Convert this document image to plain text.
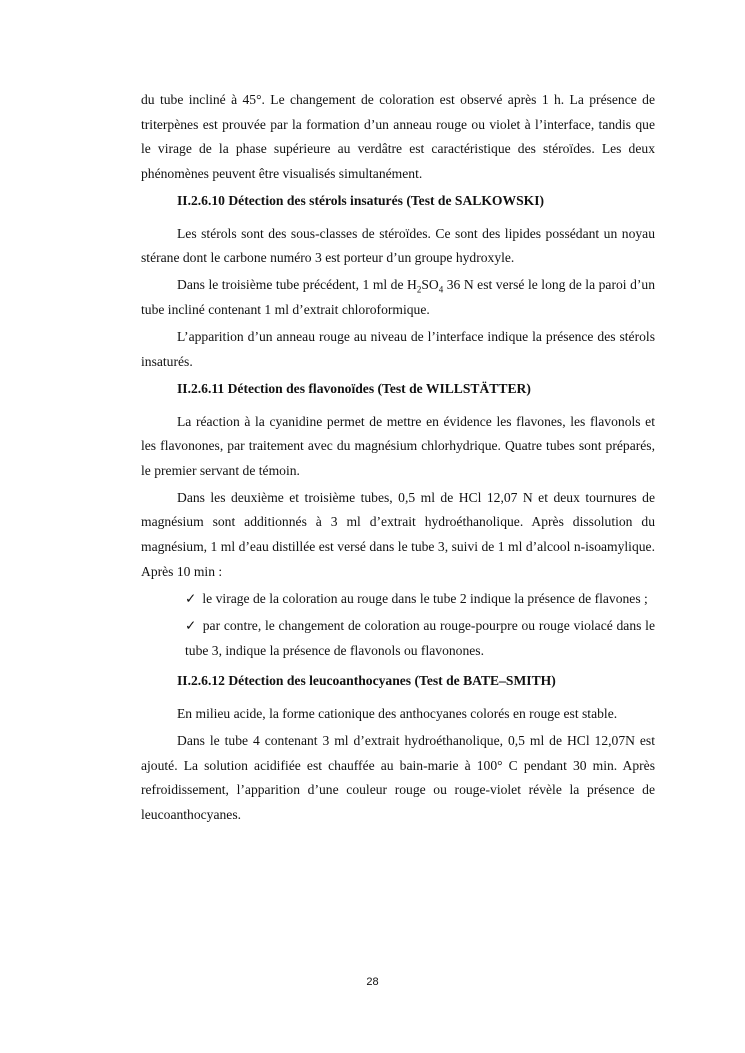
du tube incliné à 45°. Le changement de coloration est observé après 1 h. La présence de triterpènes est prouvée par la formation d’un anneau rouge ou violet à l’interface, tandis que le virage de la phase supérieure au verdâtre est caractéristique des stéroïdes. Les deux phénomènes peuvent être visualisés simultanément.

II.2.6.10 Détection des stérols insaturés (Test de SALKOWSKI)

Les stérols sont des sous-classes de stéroïdes. Ce sont des lipides possédant un noyau stérane dont le carbone numéro 3 est porteur d’un groupe hydroxyle.

Dans le troisième tube précédent, 1 ml de $H_2SO_4$ 36 N est versé le long de la paroi d’un tube incliné contenant 1 ml d’extrait chloroformique.

L’apparition d’un anneau rouge au niveau de l’interface indique la présence des stérols insaturés.

II.2.6.11 Détection des flavonoïdes (Test de WILLSTÄTTER)

La réaction à la cyanidine permet de mettre en évidence les flavones, les flavonols et les flavonones, par traitement avec du magnésium chlorhydrique. Quatre tubes sont préparés, le premier servant de témoin.

Dans les deuxième et troisième tubes, 0,5 ml de HCl 12,07 N et deux tournures de magnésium sont additionnés à 3 ml d’extrait hydroéthanolique. Après dissolution du magnésium, 1 ml d’eau distillée est versé dans le tube 3, suivi de 1 ml d’alcool n-isoamylique. Après 10 min :

✓ le virage de la coloration au rouge dans le tube 2 indique la présence de flavones ;

✓ par contre, le changement de coloration au rouge-pourpre ou rouge violacé dans le tube 3, indique la présence de flavonols ou flavonones.

II.2.6.12 Détection des leucoanthocyanes (Test de BATE–SMITH)

En milieu acide, la forme cationique des anthocyanes colorés en rouge est stable.

Dans le tube 4 contenant 3 ml d’extrait hydroéthanolique, 0,5 ml de HCl 12,07N est ajouté. La solution acidifiée est chauffée au bain-marie à 100° C pendant 30 min. Après refroidissement, l’apparition d’une couleur rouge ou rouge-violet révèle la présence de leucoanthocyanes.

28
